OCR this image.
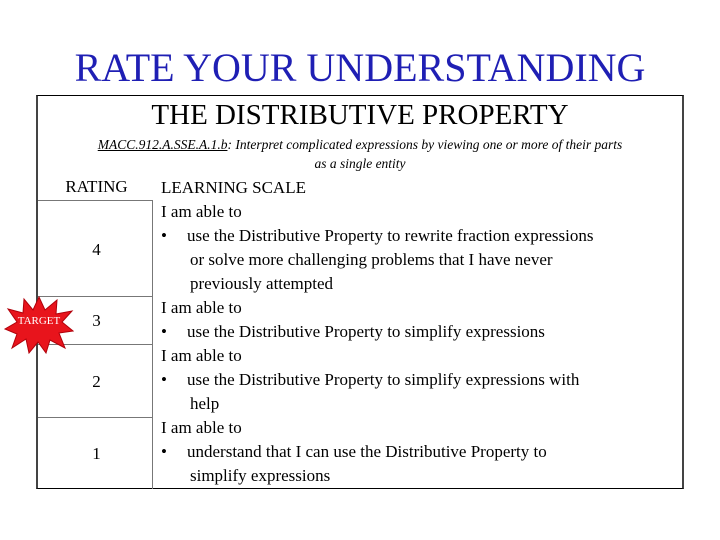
RATE YOUR UNDERSTANDING
THE DISTRIBUTIVE PROPERTY
MACC.912.A.SSE.A.1.b: Interpret complicated expressions by viewing one or more of their parts
as a single entity
RATING
4
3
2
1
TARGET
LEARNING SCALE
I am able to
• use the Distributive Property to rewrite fraction expressions
or solve more challenging problems that I have never
previously attempted
I am able to
• use the Distributive Property to simplify expressions
I am able to
• use the Distributive Property to simplify expressions with
help
I am able to
• understand that I can use the Distributive Property to
simplify expressions
